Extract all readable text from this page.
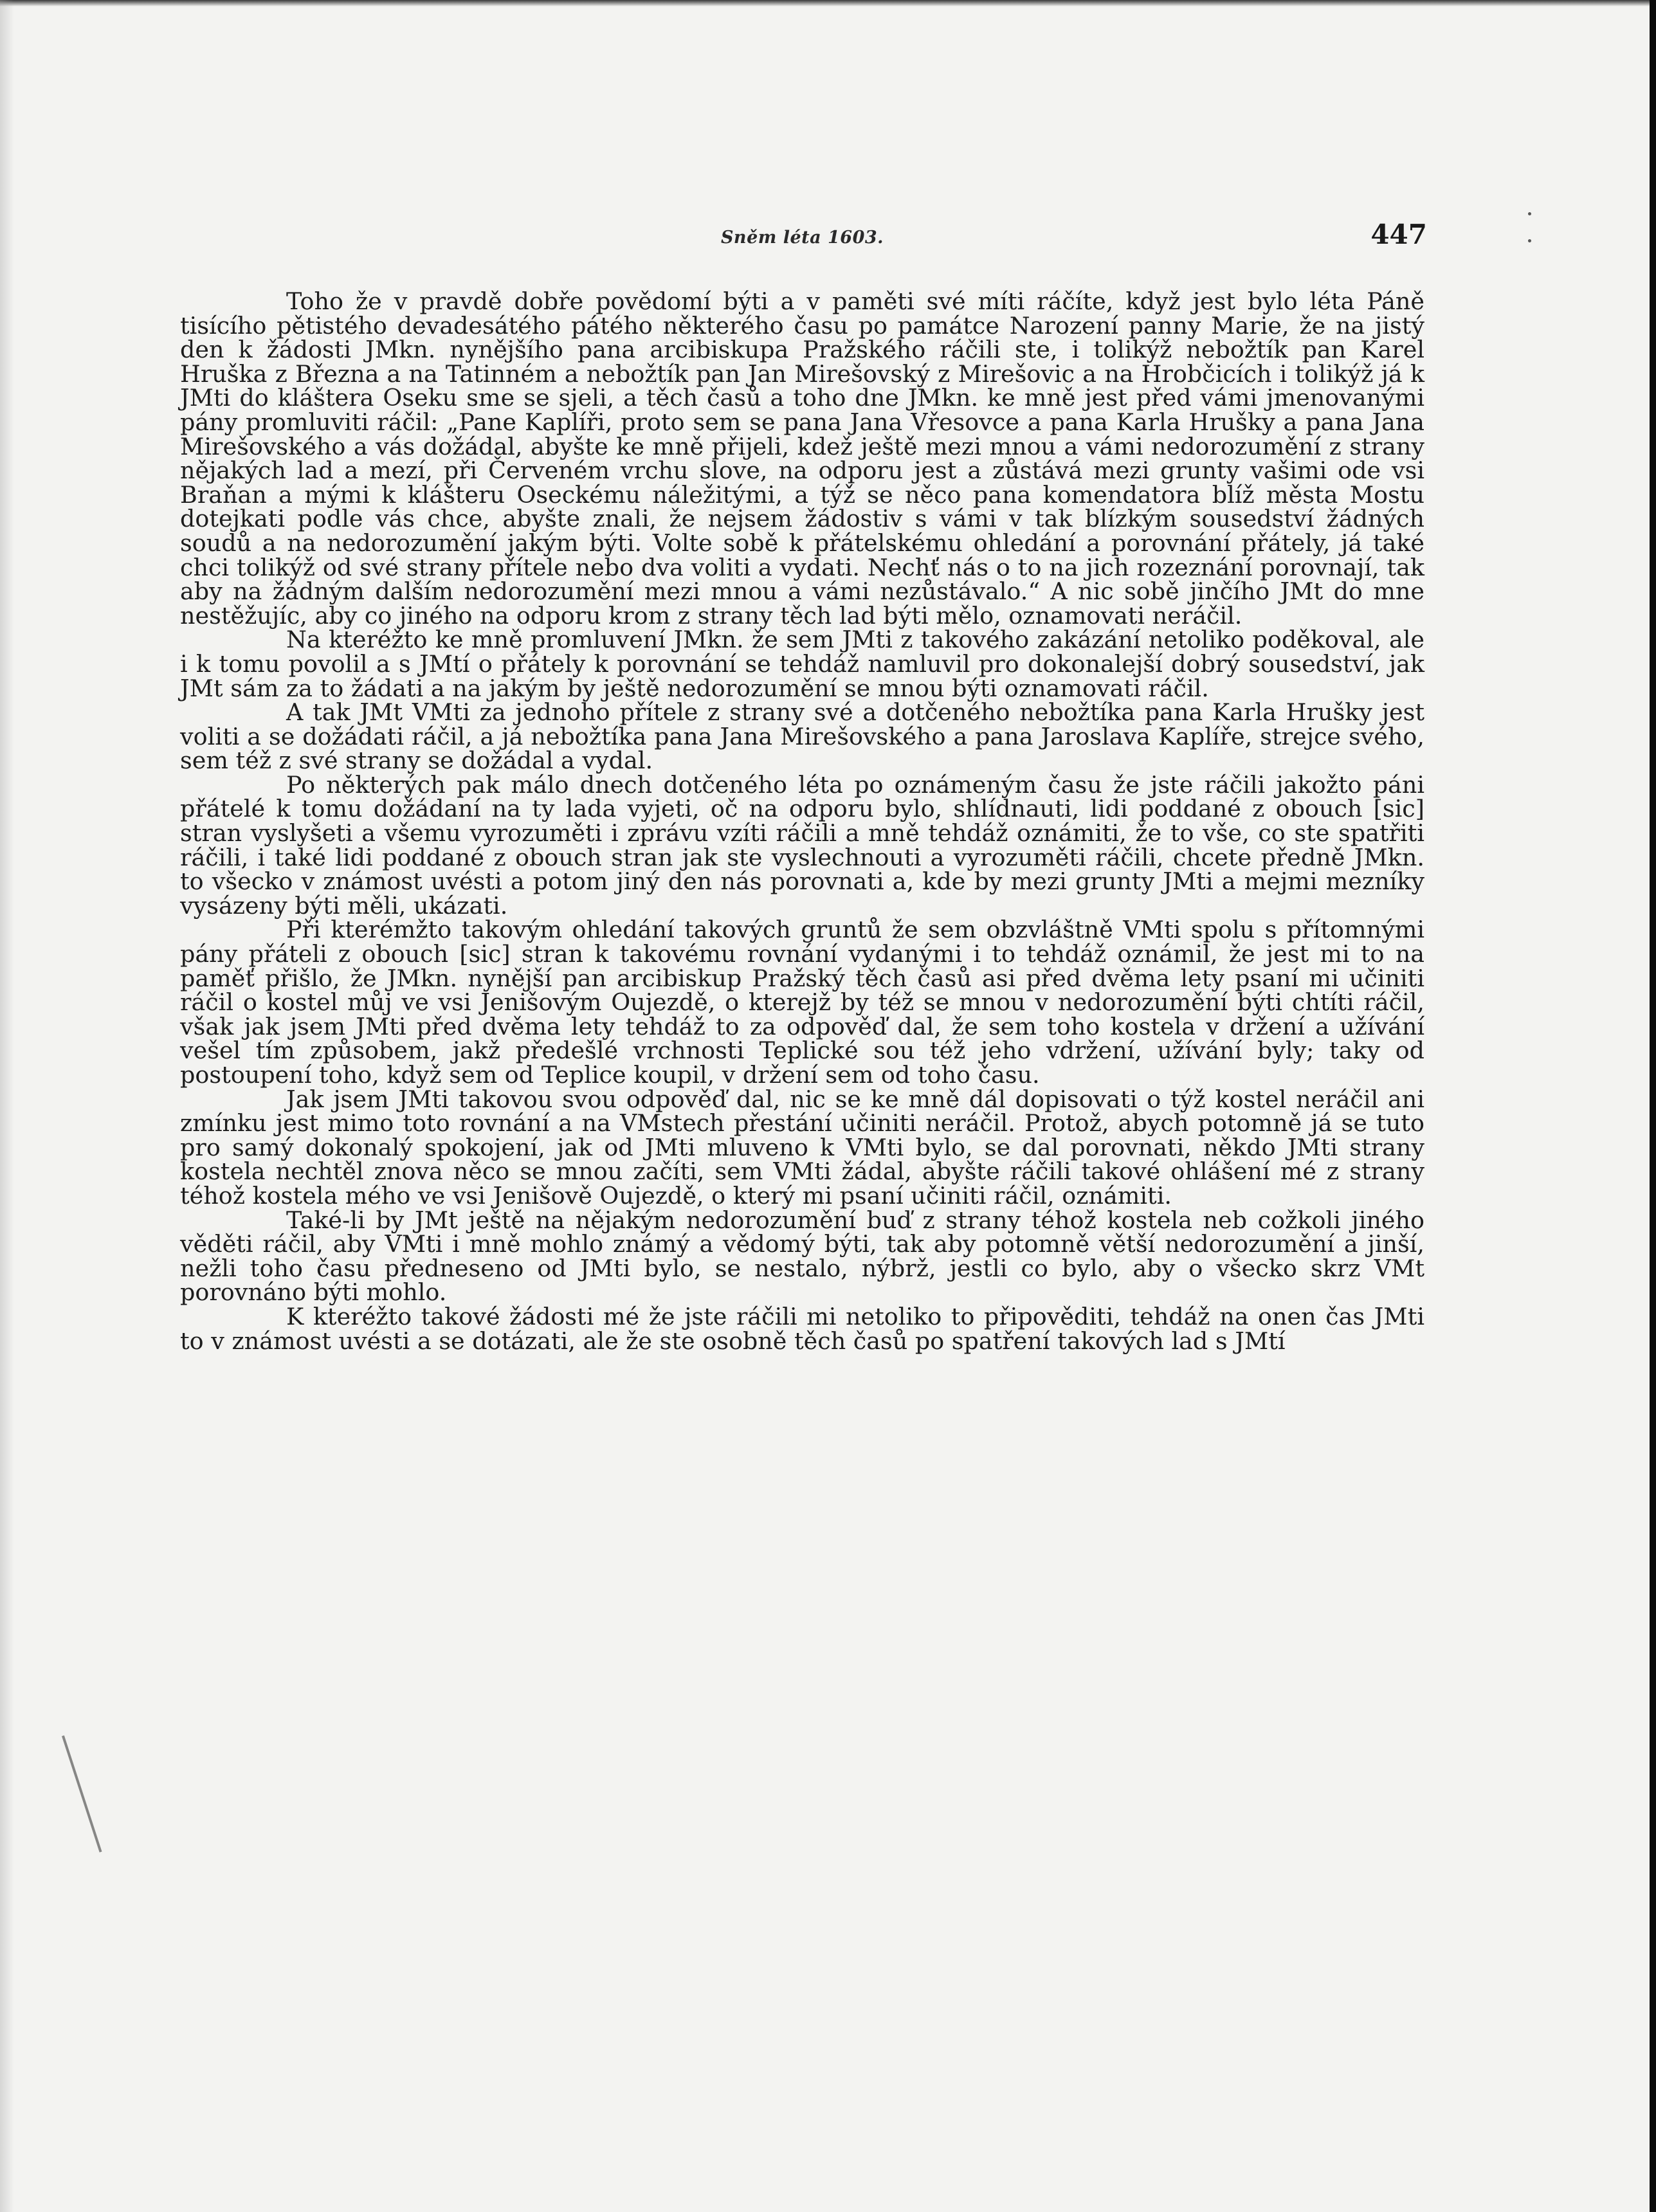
Sněm léta 1603.	447

Toho že v pravdě dobře povědomí býti a v paměti své míti ráčíte, když jest bylo léta Páně tisícího pětistého devadesátého pátého některého času po památce Narození panny Marie, že na jistý den k žádosti JMkn. nynějšího pana arcibiskupa Pražského ráčili ste, i tolikýž nebožtík pan Karel Hruška z Března a na Tatinném a nebožtík pan Jan Mirešovský z Mirešovic a na Hrobčicích i tolikýž já k JMti do kláštera Oseku sme se sjeli, a těch časů a toho dne JMkn. ke mně jest před vámi jmenovanými pány promluviti ráčil: „Pane Kaplíři, proto sem se pana Jana Vřesovce a pana Karla Hrušky a pana Jana Mirešovského a vás dožádal, abyšte ke mně přijeli, kdež ještě mezi mnou a vámi nedorozumění z strany nějakých lad a mezí, při Červeném vrchu slove, na odporu jest a zůstává mezi grunty vašimi ode vsi Braňan a mými k klášteru Oseckému náležitými, a týž se něco pana komendatora blíž města Mostu dotejkati podle vás chce, abyšte znali, že nejsem žádostiv s vámi v tak blízkým sousedství žádných soudů a na nedorozumění jakým býti. Volte sobě k přátelskému ohledání a porovnání přátely, já také chci tolikýž od své strany přítele nebo dva voliti a vydati. Nechť nás o to na jich rozeznání porovnají, tak aby na žádným dalším nedorozumění mezi mnou a vámi nezůstávalo.“ A nic sobě jinčího JMt do mne nestěžujíc, aby co jiného na odporu krom z strany těch lad býti mělo, oznamovati neráčil.

Na kteréžto ke mně promluvení JMkn. že sem JMti z takového zakázání netoliko poděkoval, ale i k tomu povolil a s JMtí o přátely k porovnání se tehdáž namluvil pro dokonalejší dobrý sousedství, jak JMt sám za to žádati a na jakým by ještě nedorozumění se mnou býti oznamovati ráčil.

A tak JMt VMti za jednoho přítele z strany své a dotčeného nebožtíka pana Karla Hrušky jest voliti a se dožádati ráčil, a já nebožtíka pana Jana Mirešovského a pana Jaroslava Kaplíře, strejce svého, sem též z své strany se dožádal a vydal.

Po některých pak málo dnech dotčeného léta po oznámeným času že jste ráčili jakožto páni přátelé k tomu dožádaní na ty lada vyjeti, oč na odporu bylo, shlídnauti, lidi poddané z obouch [sic] stran vyslyšeti a všemu vyrozuměti i zprávu vzíti ráčili a mně tehdáž oznámiti, že to vše, co ste spatřiti ráčili, i také lidi poddané z obouch stran jak ste vyslechnouti a vyrozuměti ráčili, chcete předně JMkn. to všecko v známost uvésti a potom jiný den nás porovnati a, kde by mezi grunty JMti a mejmi mezníky vysázeny býti měli, ukázati.

Při kterémžto takovým ohledání takových gruntů že sem obzvláštně VMti spolu s přítomnými pány přáteli z obouch [sic] stran k takovému rovnání vydanými i to tehdáž oznámil, že jest mi to na paměť přišlo, že JMkn. nynější pan arcibiskup Pražský těch časů asi před dvěma lety psaní mi učiniti ráčil o kostel můj ve vsi Jenišovým Oujezdě, o kterejž by též se mnou v nedorozumění býti chtíti ráčil, však jak jsem JMti před dvěma lety tehdáž to za odpověď dal, že sem toho kostela v držení a užívání vešel tím způsobem, jakž předešlé vrchnosti Teplické sou též jeho vdržení, užívání byly; taky od postoupení toho, když sem od Teplice koupil, v držení sem od toho času.

Jak jsem JMti takovou svou odpověď dal, nic se ke mně dál dopisovati o týž kostel neráčil ani zmínku jest mimo toto rovnání a na VMstech přestání učiniti neráčil. Protož, abych potomně já se tuto pro samý dokonalý spokojení, jak od JMti mluveno k VMti bylo, se dal porovnati, někdo JMti strany kostela nechtěl znova něco se mnou začíti, sem VMti žádal, abyšte ráčili takové ohlášení mé z strany téhož kostela mého ve vsi Jenišově Oujezdě, o který mi psaní učiniti ráčil, oznámiti.

Také-li by JMt ještě na nějakým nedorozumění buď z strany téhož kostela neb cožkoli jiného věděti ráčil, aby VMti i mně mohlo známý a vědomý býti, tak aby potomně větší nedorozumění a jinší, nežli toho času předneseno od JMti bylo, se nestalo, nýbrž, jestli co bylo, aby o všecko skrz VMt porovnáno býti mohlo.

K kteréžto takové žádosti mé že jste ráčili mi netoliko to připověditi, tehdáž na onen čas JMti to v známost uvésti a se dotázati, ale že ste osobně těch časů po spatření takových lad s JMtí
